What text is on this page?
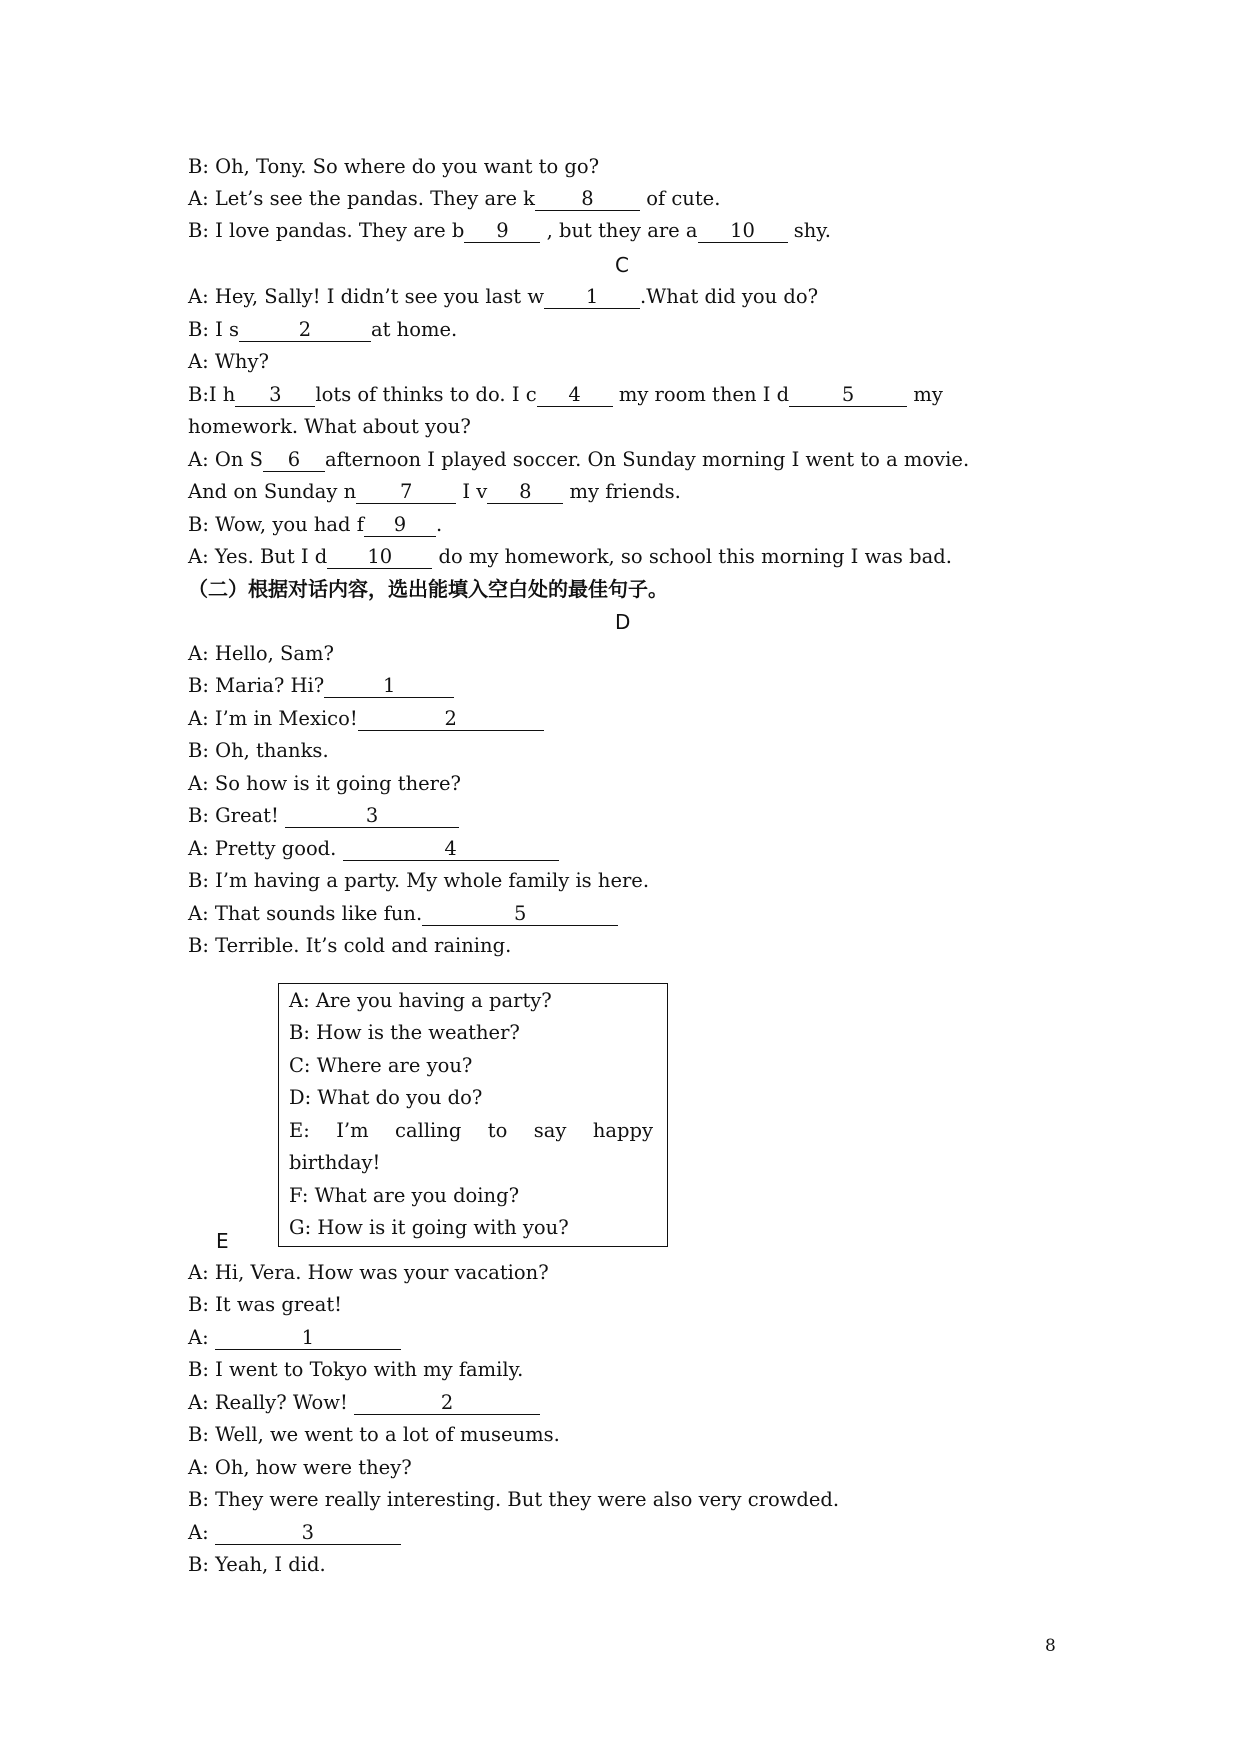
B: Oh, Tony. So where do you want to go?
A: Let’s see the pandas. They are k 8 of cute.
B: I love pandas. They are b 9 , but they are a 10 shy.
C
A: Hey, Sally! I didn’t see you last w 1 .What did you do?
B: I s	2	at home.
A: Why?
B:I h 3 lots of thinks to do. I c 4 my room then I d	5	my
homework. What about you?
A: On S 6 afternoon I played soccer. On Sunday morning I went to a movie.
And on Sunday n 7 I v 8 my friends.
B: Wow, you had f 9 .
A: Yes. But I d 10 do my homework, so school this morning I was bad.
（二）根据对话内容，选出能填入空白处的最佳句子。
D
A: Hello, Sam?
B: Maria? Hi?	1
A: I’m in Mexico!	2
B: Oh, thanks.
A: So how is it going there?
B: Great!	3
A: Pretty good.	4
B: I’m having a party. My whole family is here.
A: That sounds like fun.	5
B: Terrible. It’s cold and raining.
A: Are you having a party?
B: How is the weather?
C: Where are you?
D: What do you do?
E: I’m calling to say happy
birthday!
F: What are you doing?
G: How is it going with you?
E
A: Hi, Vera. How was your vacation?
B: It was great!
A:	1
B: I went to Tokyo with my family.
A: Really? Wow!	2
B: Well, we went to a lot of museums.
A: Oh, how were they?
B: They were really interesting. But they were also very crowded.
A:	3
B: Yeah, I did.
8
